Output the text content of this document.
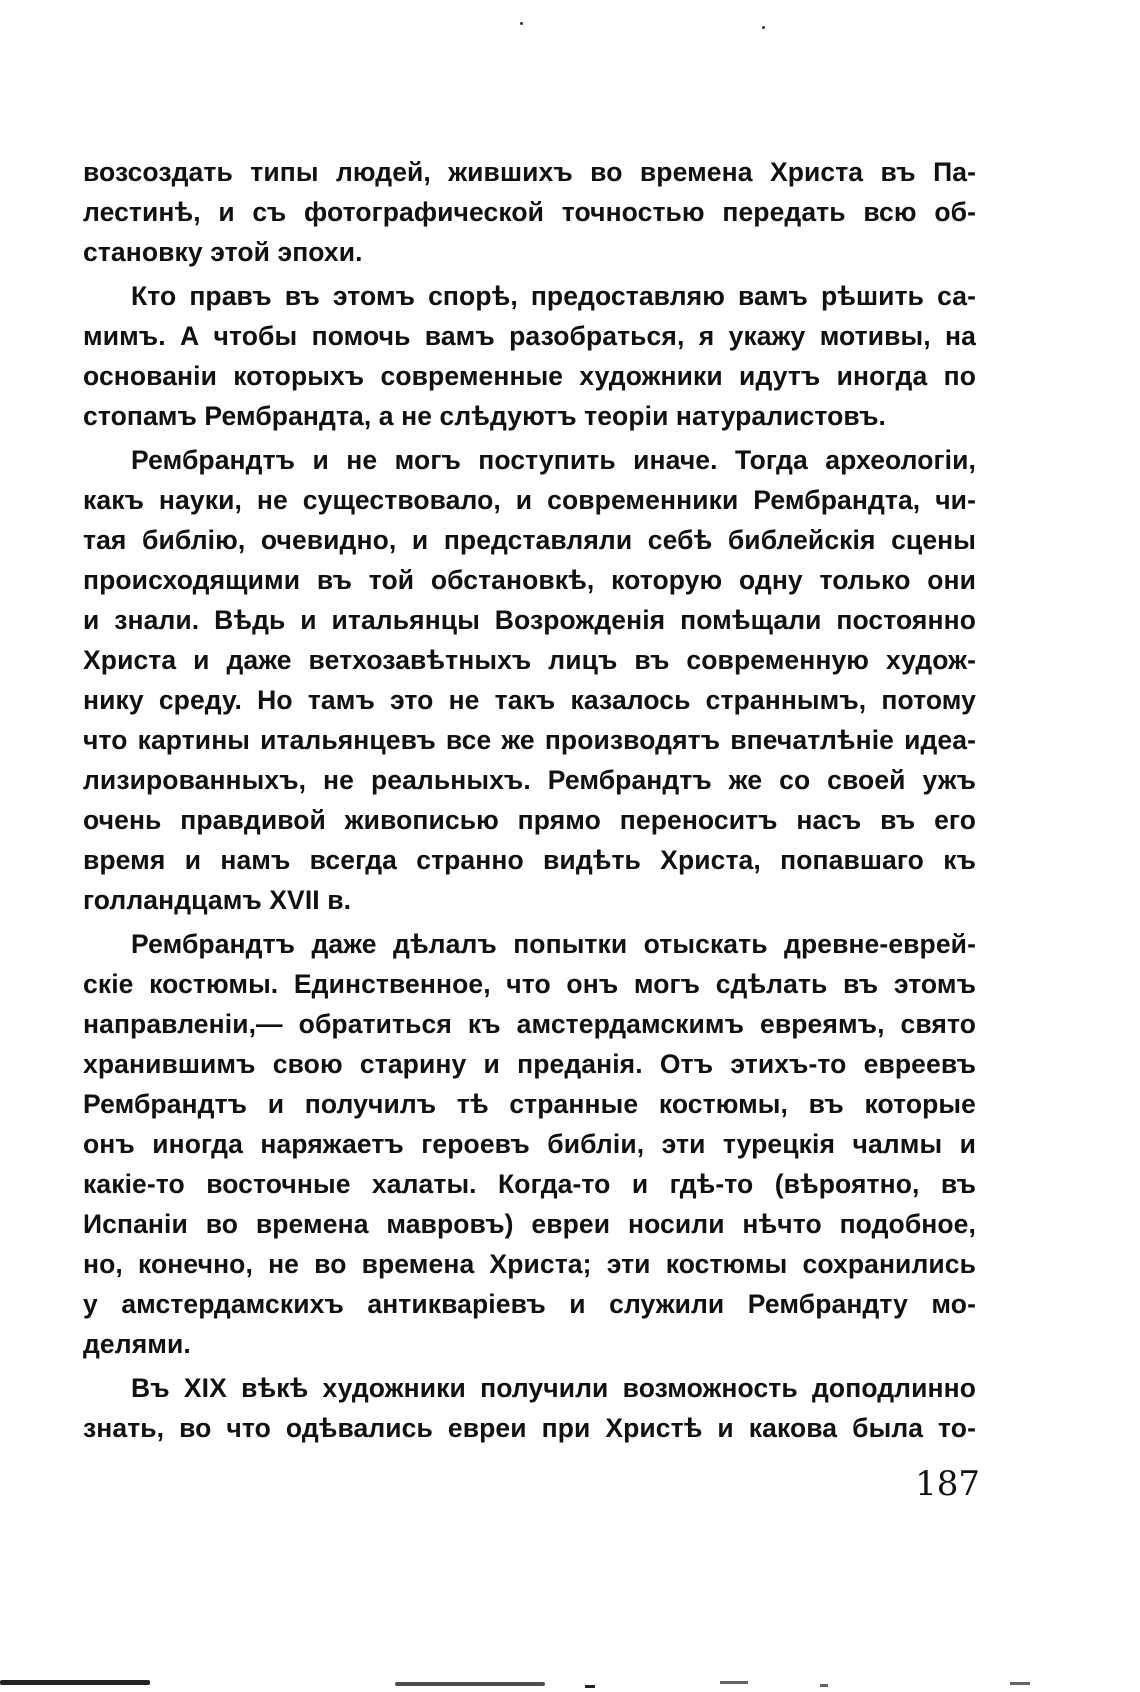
возсоздать типы людей, жившихъ во времена Христа въ Па-
лестинѣ, и съ фотографической точностью передать всю об-
становку этой эпохи.
Кто правъ въ этомъ спорѣ, предоставляю вамъ рѣшить са-
мимъ. А чтобы помочь вамъ разобраться, я укажу мотивы, на
основанiи которыхъ современные художники идутъ иногда по
стопамъ Рембрандта, а не слѣдуютъ теорiи натуралистовъ.
Рембрандтъ и не могъ поступить иначе. Тогда археологiи,
какъ науки, не существовало, и современники Рембрандта, чи-
тая библiю, очевидно, и представляли себѣ библейскiя сцены
происходящими въ той обстановкѣ, которую одну только они
и знали. Вѣдь и итальянцы Возрожденiя помѣщали постоянно
Христа и даже ветхозавѣтныхъ лицъ въ современную худож-
нику среду. Но тамъ это не такъ казалось страннымъ, потому
что картины итальянцевъ все же производятъ впечатлѣнiе идеа-
лизированныхъ, не реальныхъ. Рембрандтъ же со своей ужъ
очень правдивой живописью прямо переноситъ насъ въ его
время и намъ всегда странно видѣть Христа, попавшаго къ
голландцамъ XVII в.
Рембрандтъ даже дѣлалъ попытки отыскать древне-еврей-
скiе костюмы. Единственное, что онъ могъ сдѣлать въ этомъ
направленiи,— обратиться къ амстердамскимъ евреямъ, свято
хранившимъ свою старину и преданiя. Отъ этихъ-то евреевъ
Рембрандтъ и получилъ тѣ странные костюмы, въ которые
онъ иногда наряжаетъ героевъ библiи, эти турецкiя чалмы и
какiе-то восточные халаты. Когда-то и гдѣ-то (вѣроятно, въ
Испанiи во времена мавровъ) евреи носили нѣчто подобное,
но, конечно, не во времена Христа; эти костюмы сохранились
у амстердамскихъ антикварiевъ и служили Рембрандту мо-
делями.
Въ XIX вѣкѣ художники получили возможность доподлинно
знать, во что одѣвались евреи при Христѣ и какова была то-
187
